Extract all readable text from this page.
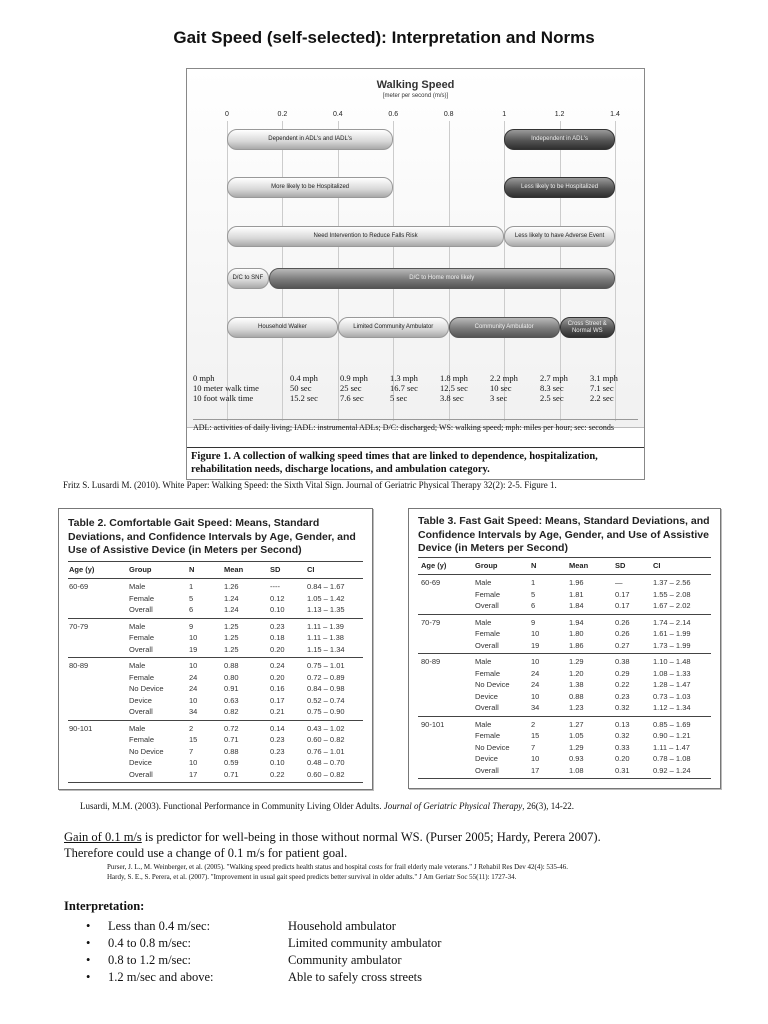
Gait Speed (self-selected): Interpretation and Norms
Walking Speed
[meter per second (m/s)]
0	0.2	0.4	0.6	0.8	1	1.2	1.4
Dependent in ADL's and IADL's	Independent in ADL's
More likely to be Hospitalized	Less likely to be Hospitalized
Need Intervention to Reduce Falls Risk	Less likely to have Adverse Event
D/C to SNF	D/C to Home more likely
Household Walker	Limited Community Ambulator	Community Ambulator
Cross Street & Normal WS
0 mph	0.4 mph	0.9 mph	1.3 mph	1.8 mph	2.2 mph	2.7 mph	3.1 mph
10 meter walk time	50 sec	25 sec	16.7 sec	12.5 sec	10 sec	8.3 sec	7.1 sec
10 foot walk time	15.2 sec	7.6 sec	5 sec	3.8 sec	3 sec	2.5 sec	2.2 sec
ADL: activities of daily living; IADL: instrumental ADLs; D/C: discharged; WS: walking speed; mph: miles per hour; sec: seconds
Figure 1. A collection of walking speed times that are linked to dependence, hospitalization, rehabilitation needs, discharge locations, and ambulation category.
Fritz S. Lusardi M. (2010). White Paper: Walking Speed: the Sixth Vital Sign. Journal of Geriatric Physical Therapy 32(2): 2-5. Figure 1.
Table 2. Comfortable Gait Speed: Means, Standard Deviations, and Confidence Intervals by Age, Gender, and Use of Assistive Device (in Meters per Second)
Age (y)	Group	N	Mean	SD	CI
60-69	Male	1	1.26	----	0.84 – 1.67
Female	5	1.24	0.12	1.05 – 1.42
Overall	6	1.24	0.10	1.13 – 1.35
70-79	Male	9	1.25	0.23	1.11 – 1.39
Female	10	1.25	0.18	1.11 – 1.38
Overall	19	1.25	0.20	1.15 – 1.34
80-89	Male	10	0.88	0.24	0.75 – 1.01
Female	24	0.80	0.20	0.72 – 0.89
No Device	24	0.91	0.16	0.84 – 0.98
Device	10	0.63	0.17	0.52 – 0.74
Overall	34	0.82	0.21	0.75 – 0.90
90-101	Male	2	0.72	0.14	0.43 – 1.02
Female	15	0.71	0.23	0.60 – 0.82
No Device	7	0.88	0.23	0.76 – 1.01
Device	10	0.59	0.10	0.48 – 0.70
Overall	17	0.71	0.22	0.60 – 0.82
Table 3. Fast Gait Speed: Means, Standard Deviations, and Confidence Intervals by Age, Gender, and Use of Assistive Device (in Meters per Second)
Age (y)	Group	N	Mean	SD	CI
60-69	Male	1	1.96	—	1.37 – 2.56
Female	5	1.81	0.17	1.55 – 2.08
Overall	6	1.84	0.17	1.67 – 2.02
70-79	Male	9	1.94	0.26	1.74 – 2.14
Female	10	1.80	0.26	1.61 – 1.99
Overall	19	1.86	0.27	1.73 – 1.99
80-89	Male	10	1.29	0.38	1.10 – 1.48
Female	24	1.20	0.29	1.08 – 1.33
No Device	24	1.38	0.22	1.28 – 1.47
Device	10	0.88	0.23	0.73 – 1.03
Overall	34	1.23	0.32	1.12 – 1.34
90-101	Male	2	1.27	0.13	0.85 – 1.69
Female	15	1.05	0.32	0.90 – 1.21
No Device	7	1.29	0.33	1.11 – 1.47
Device	10	0.93	0.20	0.78 – 1.08
Overall	17	1.08	0.31	0.92 – 1.24
Lusardi, M.M. (2003). Functional Performance in Community Living Older Adults. Journal of Geriatric Physical Therapy, 26(3), 14-22.
Gain of 0.1 m/s is predictor for well-being in those without normal WS. (Purser 2005; Hardy, Perera 2007).
Therefore could use a change of 0.1 m/s for patient goal.
Purser, J. L., M. Weinberger, et al. (2005). "Walking speed predicts health status and hospital costs for frail elderly male veterans." J Rehabil Res Dev 42(4): 535-46.
Hardy, S. E., S. Perera, et al. (2007). "Improvement in usual gait speed predicts better survival in older adults." J Am Geriatr Soc 55(11): 1727-34.
Interpretation:
• Less than 0.4 m/sec:	Household ambulator
• 0.4 to 0.8 m/sec:	Limited community ambulator
• 0.8 to 1.2 m/sec:	Community ambulator
• 1.2 m/sec and above:	Able to safely cross streets
